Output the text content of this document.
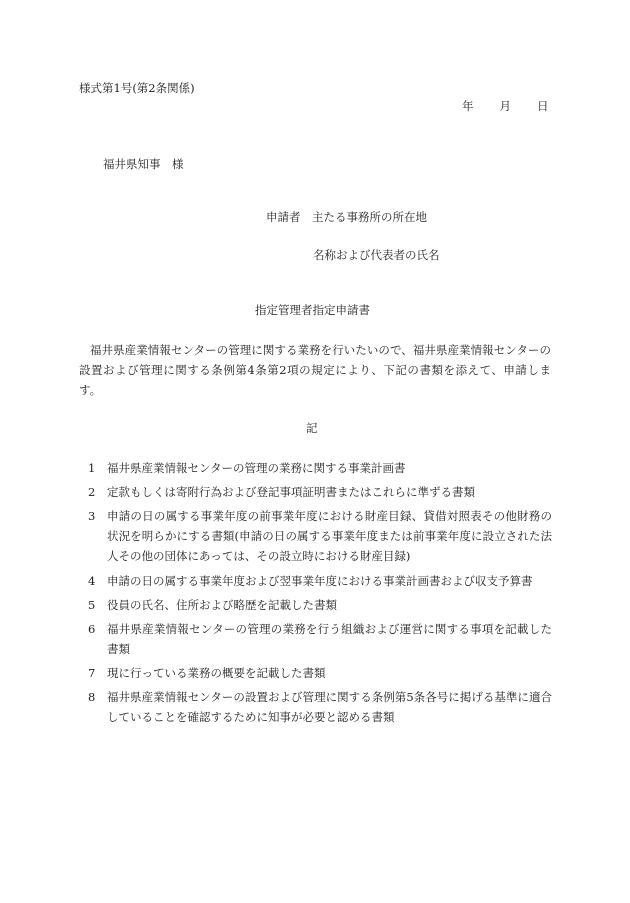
様式第1号(第2条関係)
年 月 日
福井県知事　様
申請者　主たる事務所の所在地
名称および代表者の氏名
指定管理者指定申請書
福井県産業情報センターの管理に関する業務を行いたいので、福井県産業情報センターの設置および管理に関する条例第4条第2項の規定により、下記の書類を添えて、申請します。
記
1 福井県産業情報センターの管理の業務に関する事業計画書
2 定款もしくは寄附行為および登記事項証明書またはこれらに準ずる書類
3 申請の日の属する事業年度の前事業年度における財産目録、貸借対照表その他財務の状況を明らかにする書類(申請の日の属する事業年度または前事業年度に設立された法人その他の団体にあっては、その設立時における財産目録)
4 申請の日の属する事業年度および翌事業年度における事業計画書および収支予算書
5 役員の氏名、住所および略歴を記載した書類
6 福井県産業情報センターの管理の業務を行う組織および運営に関する事項を記載した書類
7 現に行っている業務の概要を記載した書類
8 福井県産業情報センターの設置および管理に関する条例第5条各号に掲げる基準に適合していることを確認するために知事が必要と認める書類
